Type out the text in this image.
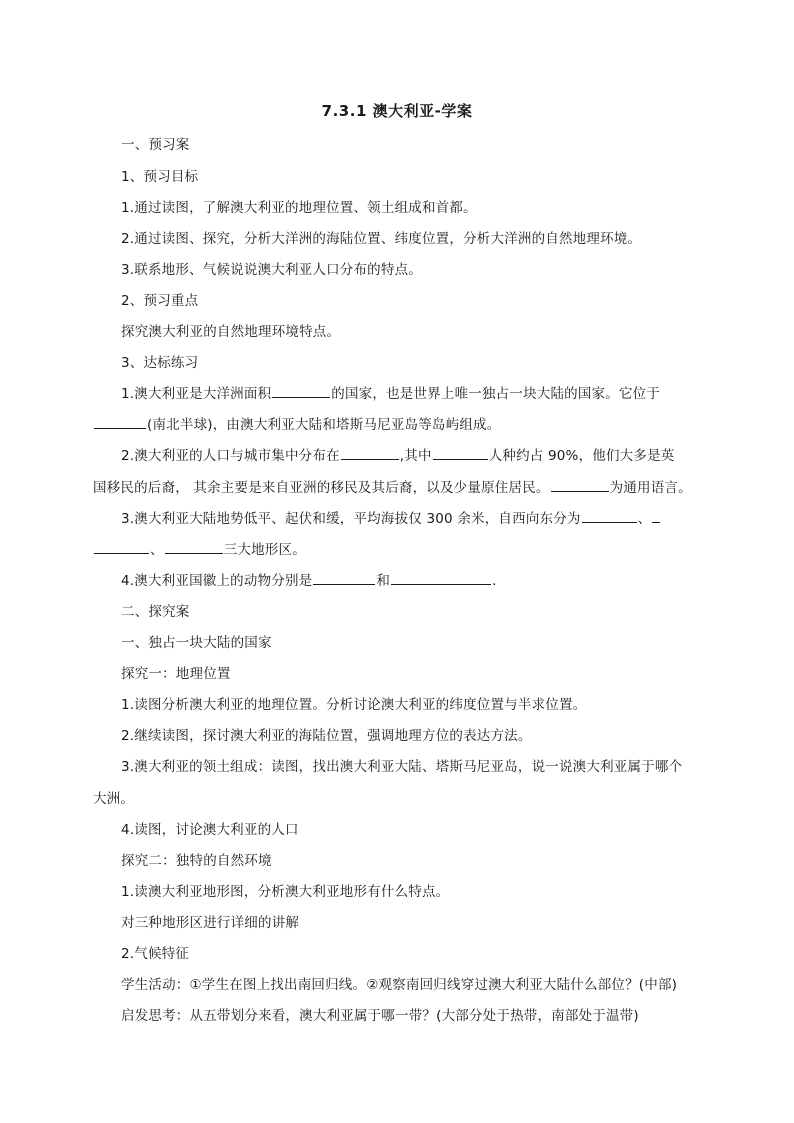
7.3.1 澳大利亚-学案
一、预习案
1、预习目标
1.通过读图，了解澳大利亚的地理位置、领土组成和首都。
2.通过读图、探究，分析大洋洲的海陆位置、纬度位置，分析大洋洲的自然地理环境。
3.联系地形、气候说说澳大利亚人口分布的特点。
2、预习重点
探究澳大利亚的自然地理环境特点。
3、达标练习
1.澳大利亚是大洋洲面积	的国家，也是世界上唯一独占一块大陆的国家。它位于
(南北半球)，由澳大利亚大陆和塔斯马尼亚岛等岛屿组成。
2.澳大利亚的人口与城市集中分布在	,其中	人种约占 90%，他们大多是英
国移民的后裔， 其余主要是来自亚洲的移民及其后裔，以及少量原住居民。	为通用语言。
3.澳大利亚大陆地势低平、起伏和缓，平均海拔仅 300 余米，自西向东分为	、
、	三大地形区。
4.澳大利亚国徽上的动物分别是	和	.
二、探究案
一、独占一块大陆的国家
探究一：地理位置
1.读图分析澳大利亚的地理位置。分析讨论澳大利亚的纬度位置与半求位置。
2.继续读图，探讨澳大利亚的海陆位置，强调地理方位的表达方法。
3.澳大利亚的领土组成：读图，找出澳大利亚大陆、塔斯马尼亚岛，说一说澳大利亚属于哪个
大洲。
4.读图，讨论澳大利亚的人口
探究二：独特的自然环境
1.读澳大利亚地形图，分析澳大利亚地形有什么特点。
对三种地形区进行详细的讲解
2.气候特征
学生活动：①学生在图上找出南回归线。②观察南回归线穿过澳大利亚大陆什么部位？(中部)
启发思考：从五带划分来看，澳大利亚属于哪一带？(大部分处于热带，南部处于温带)
